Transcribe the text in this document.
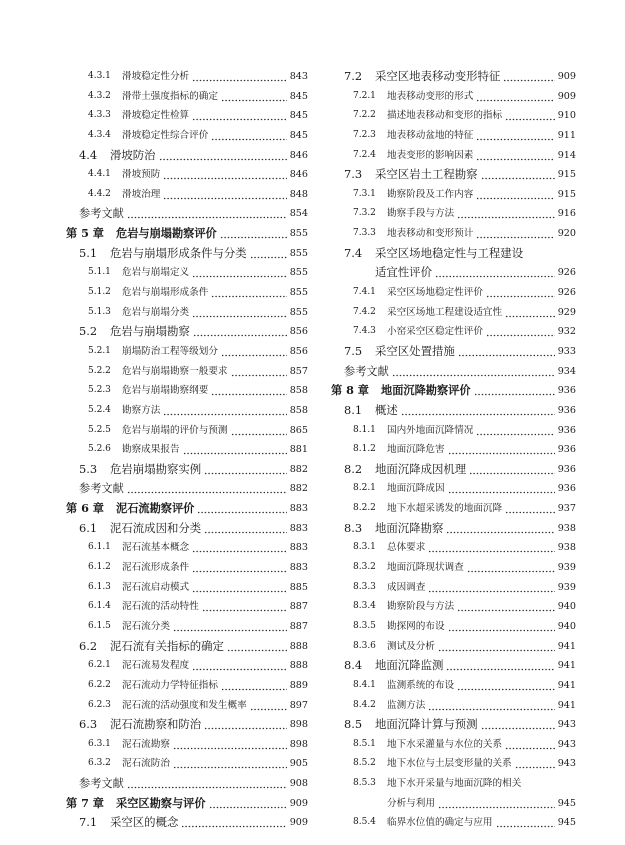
4.3.1 滑坡稳定性分析	843
4.3.2 滑带土强度指标的确定	845
4.3.3 滑坡稳定性检算	845
4.3.4 滑坡稳定性综合评价	845
4.4 滑坡防治	846
4.4.1 滑坡预防	846
4.4.2 滑坡治理	848
参考文献	854
第 5 章 危岩与崩塌勘察评价	855
5.1 危岩与崩塌形成条件与分类	855
5.1.1 危岩与崩塌定义	855
5.1.2 危岩与崩塌形成条件	855
5.1.3 危岩与崩塌分类	855
5.2 危岩与崩塌勘察	856
5.2.1 崩塌防治工程等级划分	856
5.2.2 危岩与崩塌勘察一般要求	857
5.2.3 危岩与崩塌勘察纲要	858
5.2.4 勘察方法	858
5.2.5 危岩与崩塌的评价与预测	865
5.2.6 勘察成果报告	881
5.3 危岩崩塌勘察实例	882
参考文献	882
第 6 章 泥石流勘察评价	883
6.1 泥石流成因和分类	883
6.1.1 泥石流基本概念	883
6.1.2 泥石流形成条件	883
6.1.3 泥石流启动模式	885
6.1.4 泥石流的活动特性	887
6.1.5 泥石流分类	887
6.2 泥石流有关指标的确定	888
6.2.1 泥石流易发程度	888
6.2.2 泥石流动力学特征指标	889
6.2.3 泥石流的活动强度和发生概率	897
6.3 泥石流勘察和防治	898
6.3.1 泥石流勘察	898
6.3.2 泥石流防治	905
参考文献	908
第 7 章 采空区勘察与评价	909
7.1 采空区的概念	909
7.2 采空区地表移动变形特征	909
7.2.1 地表移动变形的形式	909
7.2.2 描述地表移动和变形的指标	910
7.2.3 地表移动盆地的特征	911
7.2.4 地表变形的影响因素	914
7.3 采空区岩土工程勘察	915
7.3.1 勘察阶段及工作内容	915
7.3.2 勘察手段与方法	916
7.3.3 地表移动和变形预计	920
7.4 采空区场地稳定性与工程建设
适宜性评价	926
7.4.1 采空区场地稳定性评价	926
7.4.2 采空区场地工程建设适宜性	929
7.4.3 小窑采空区稳定性评价	932
7.5 采空区处置措施	933
参考文献	934
第 8 章 地面沉降勘察评价	936
8.1 概述	936
8.1.1 国内外地面沉降情况	936
8.1.2 地面沉降危害	936
8.2 地面沉降成因机理	936
8.2.1 地面沉降成因	936
8.2.2 地下水超采诱发的地面沉降	937
8.3 地面沉降勘察	938
8.3.1 总体要求	938
8.3.2 地面沉降现状调查	939
8.3.3 成因调查	939
8.3.4 勘察阶段与方法	940
8.3.5 勘探网的布设	940
8.3.6 测试及分析	941
8.4 地面沉降监测	941
8.4.1 监测系统的布设	941
8.4.2 监测方法	941
8.5 地面沉降计算与预测	943
8.5.1 地下水采灌量与水位的关系	943
8.5.2 地下水位与土层变形量的关系	943
8.5.3 地下水开采量与地面沉降的相关
分析与利用	945
8.5.4 临界水位值的确定与应用	945
